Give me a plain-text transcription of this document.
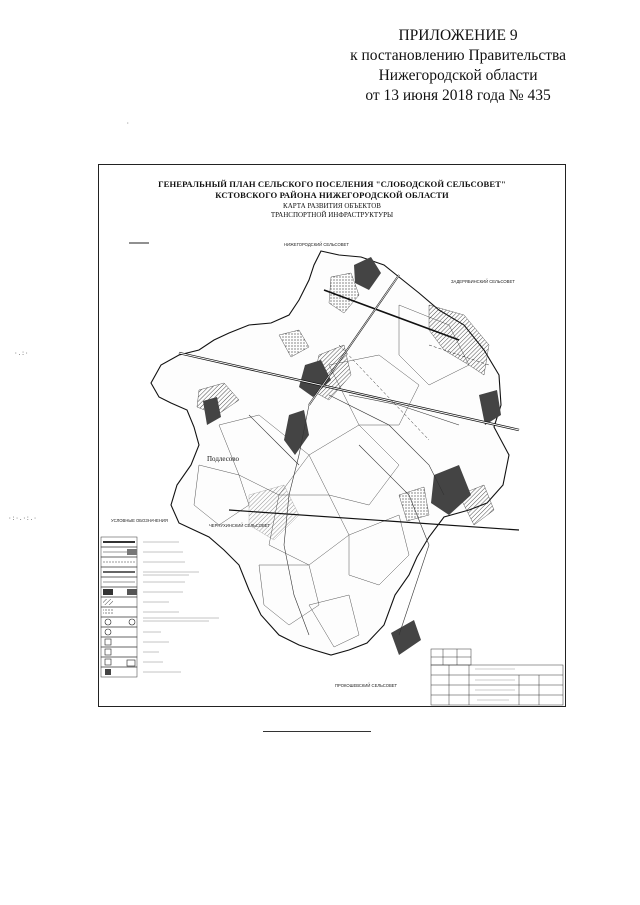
ПРИЛОЖЕНИЕ 9
к постановлению Правительства
Нижегородской области
от 13 июня 2018 года № 435
·.:·
·:·.·:.·
·
ГЕНЕРАЛЬНЫЙ ПЛАН СЕЛЬСКОГО ПОСЕЛЕНИЯ "СЛОБОДСКОЙ СЕЛЬСОВЕТ"
КСТОВСКОГО РАЙОНА НИЖЕГОРОДСКОЙ ОБЛАСТИ
КАРТА РАЗВИТИЯ ОБЪЕКТОВ
ТРАНСПОРТНОЙ ИНФРАСТРУКТУРЫ
НИЖЕГОРОДСКИЙ СЕЛЬСОВЕТ
ЗАДЕРЯБИНСКИЙ СЕЛЬСОВЕТ
ЧЕРНУХИНСКИЙ СЕЛЬСОВЕТ
ПРОКОШЕВСКИЙ СЕЛЬСОВЕТ
Подлесово
УСЛОВНЫЕ ОБОЗНАЧЕНИЯ
